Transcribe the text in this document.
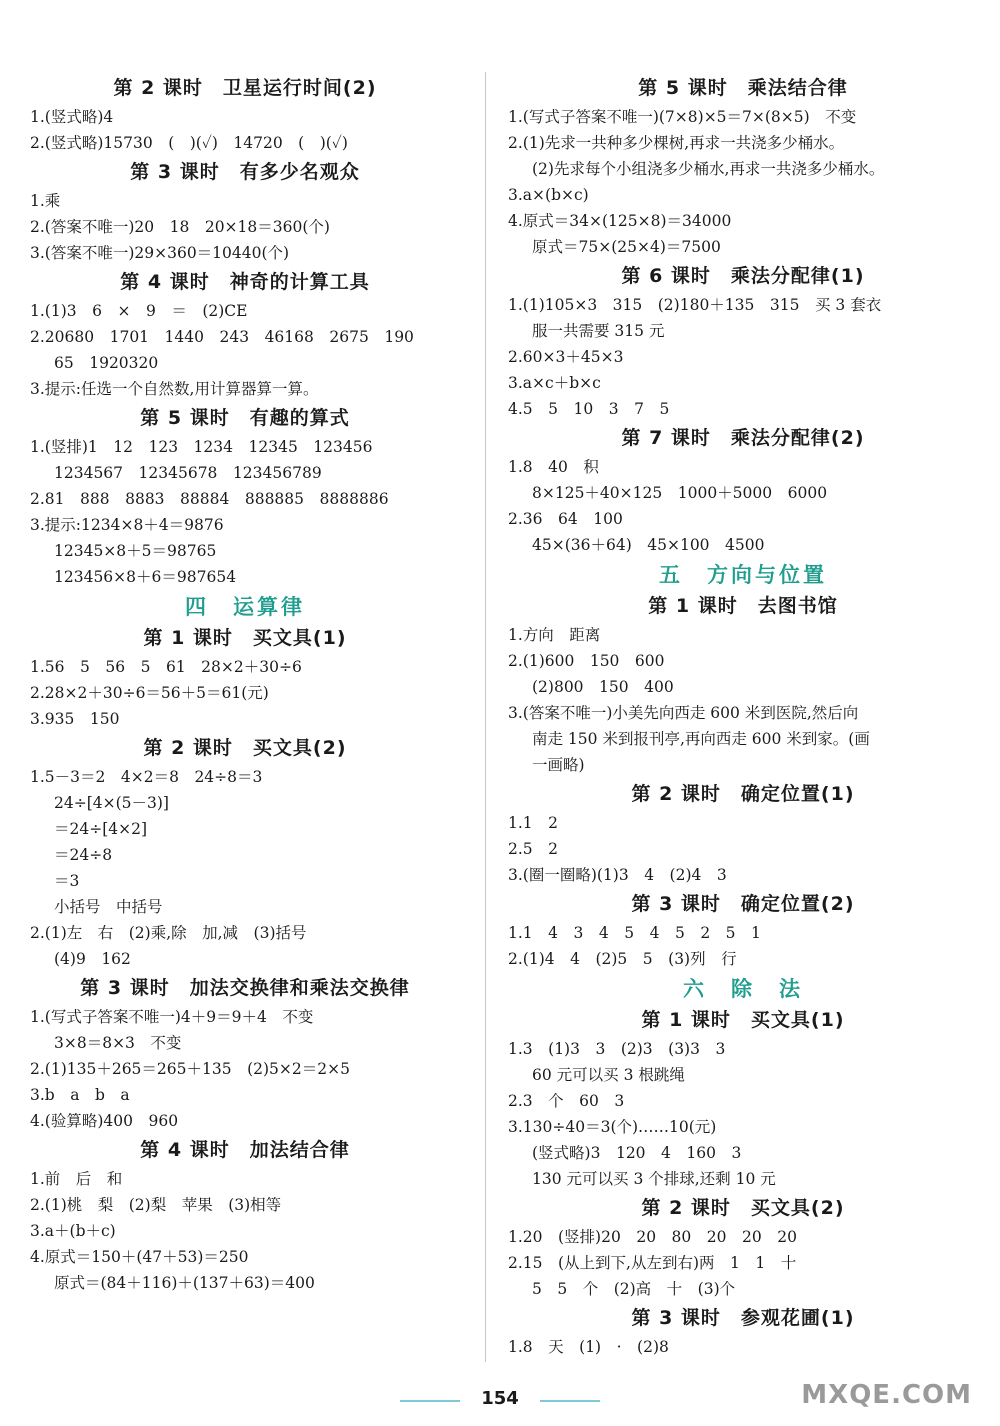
第 2 课时　卫星运行时间(2)
1.(竖式略)4
2.(竖式略)15730　(　)(✓)　14720　(　)(✓)
第 3 课时　有多少名观众
1.乘
2.(答案不唯一)20　18　20×18＝360(个)
3.(答案不唯一)29×360＝10440(个)
第 4 课时　神奇的计算工具
1.(1)3　6　×　9　＝　(2)CE
2.20680　1701　1440　243　46168　2675　190
65　1920320
3.提示:任选一个自然数,用计算器算一算。
第 5 课时　有趣的算式
1.(竖排)1　12　123　1234　12345　123456
1234567　12345678　123456789
2.81　888　8883　88884　888885　8888886
3.提示:1234×8＋4＝9876
12345×8＋5＝98765
123456×8＋6＝987654
四　运算律
第 1 课时　买文具(1)
1.56　5　56　5　61　28×2＋30÷6
2.28×2＋30÷6＝56＋5＝61(元)
3.935　150
第 2 课时　买文具(2)
1.5－3＝2　4×2＝8　24÷8＝3
24÷[4×(5－3)]
＝24÷[4×2]
＝24÷8
＝3
小括号　中括号
2.(1)左　右　(2)乘,除　加,减　(3)括号
(4)9　162
第 3 课时　加法交换律和乘法交换律
1.(写式子答案不唯一)4＋9＝9＋4　不变
3×8＝8×3　不变
2.(1)135＋265＝265＋135　(2)5×2＝2×5
3.b　a　b　a
4.(验算略)400　960
第 4 课时　加法结合律
1.前　后　和
2.(1)桃　梨　(2)梨　苹果　(3)相等
3.a＋(b＋c)
4.原式＝150＋(47＋53)＝250
原式＝(84＋116)＋(137＋63)＝400
第 5 课时　乘法结合律
1.(写式子答案不唯一)(7×8)×5＝7×(8×5)　不变
2.(1)先求一共种多少棵树,再求一共浇多少桶水。
(2)先求每个小组浇多少桶水,再求一共浇多少桶水。
3.a×(b×c)
4.原式＝34×(125×8)＝34000
原式＝75×(25×4)＝7500
第 6 课时　乘法分配律(1)
1.(1)105×3　315　(2)180＋135　315　买 3 套衣
服一共需要 315 元
2.60×3＋45×3
3.a×c＋b×c
4.5　5　10　3　7　5
第 7 课时　乘法分配律(2)
1.8　40　积
8×125＋40×125　1000＋5000　6000
2.36　64　100
45×(36＋64)　45×100　4500
五　方向与位置
第 1 课时　去图书馆
1.方向　距离
2.(1)600　150　600
(2)800　150　400
3.(答案不唯一)小美先向西走 600 米到医院,然后向
南走 150 米到报刊亭,再向西走 600 米到家。(画
一画略)
第 2 课时　确定位置(1)
1.1　2
2.5　2
3.(圈一圈略)(1)3　4　(2)4　3
第 3 课时　确定位置(2)
1.1　4　3　4　5　4　5　2　5　1
2.(1)4　4　(2)5　5　(3)列　行
六　除　法
第 1 课时　买文具(1)
1.3　(1)3　3　(2)3　(3)3　3
60 元可以买 3 根跳绳
2.3　个　60　3
3.130÷40＝3(个)……10(元)
(竖式略)3　120　4　160　3
130 元可以买 3 个排球,还剩 10 元
第 2 课时　买文具(2)
1.20　(竖排)20　20　80　20　20　20
2.15　(从上到下,从左到右)两　1　1　十
5　5　个　(2)高　十　(3)个
第 3 课时　参观花圃(1)
1.8　天　(1)　·　(2)8
154	MXQE.COM
